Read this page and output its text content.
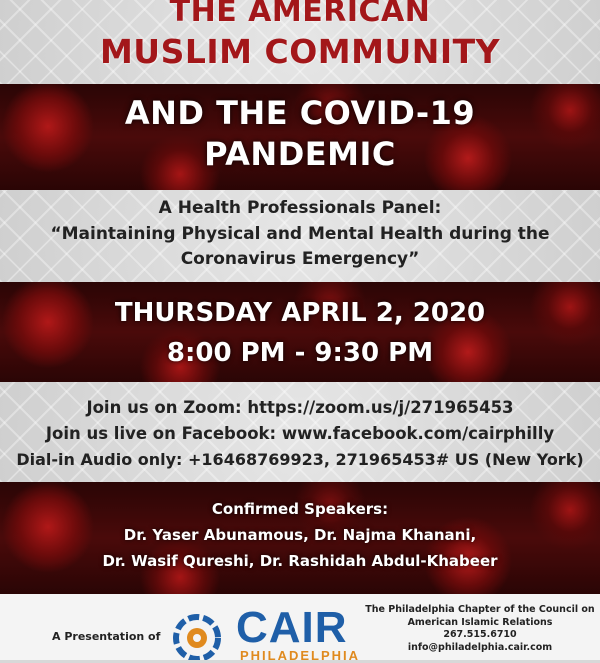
THE AMERICAN
MUSLIM COMMUNITY
AND THE COVID-19
PANDEMIC
A Health Professionals Panel:
“Maintaining Physical and Mental Health during the
Coronavirus Emergency”
THURSDAY APRIL 2, 2020
8:00 PM - 9:30 PM
Join us on Zoom: https://zoom.us/j/271965453
Join us live on Facebook: www.facebook.com/cairphilly
Dial-in Audio only: +16468769923, 271965453# US (New York)
Confirmed Speakers:
Dr. Yaser Abunamous, Dr. Najma Khanani,
Dr. Wasif Qureshi, Dr. Rashidah Abdul-Khabeer
A Presentation of CAIR
PHILADELPHIA
The Philadelphia Chapter of the Council on
American Islamic Relations
267.515.6710
info@philadelphia.cair.com
